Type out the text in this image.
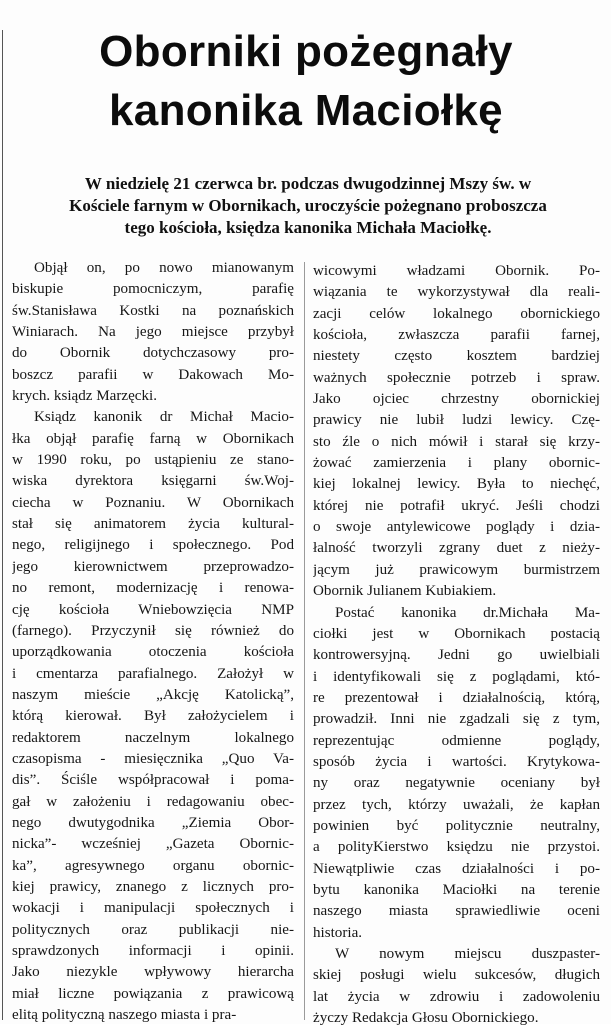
Oborniki pożegnały
kanonika Maciołkę
W niedzielę 21 czerwca br. podczas dwugodzinnej Mszy św. w
Kościele farnym w Obornikach, uroczyście pożegnano proboszcza
tego kościoła, księdza kanonika Michała Maciołkę.
Objął on, po nowo mianowanym
biskupie pomocniczym, parafię
św.Stanisława Kostki na poznańskich
Winiarach. Na jego miejsce przybył
do Obornik dotychczasowy pro-
boszcz parafii w Dakowach Mo-
krych. ksiądz Marzęcki.
Ksiądz kanonik dr Michał Macio-
łka objął parafię farną w Obornikach
w 1990 roku, po ustąpieniu ze stano-
wiska dyrektora księgarni św.Woj-
ciecha w Poznaniu. W Obornikach
stał się animatorem życia kultural-
nego, religijnego i społecznego. Pod
jego kierownictwem przeprowadzo-
no remont, modernizację i renowa-
cję kościoła Wniebowzięcia NMP
(farnego). Przyczynił się również do
uporządkowania otoczenia kościoła
i cmentarza parafialnego. Założył w
naszym mieście „Akcję Katolicką”,
którą kierował. Był założycielem i
redaktorem naczelnym lokalnego
czasopisma - miesięcznika „Quo Va-
dis”. Ściśle współpracował i poma-
gał w założeniu i redagowaniu obec-
nego dwutygodnika „Ziemia Obor-
nicka”- wcześniej „Gazeta Obornic-
ka”, agresywnego organu obornic-
kiej prawicy, znanego z licznych pro-
wokacji i manipulacji społecznych i
politycznych oraz publikacji nie-
sprawdzonych informacji i opinii.
Jako niezykle wpływowy hierarcha
miał liczne powiązania z prawicową
elitą polityczną naszego miasta i pra-
wicowymi władzami Obornik. Po-
wiązania te wykorzystywał dla reali-
zacji celów lokalnego obornickiego
kościoła, zwłaszcza parafii farnej,
niestety często kosztem bardziej
ważnych społecznie potrzeb i spraw.
Jako ojciec chrzestny obornickiej
prawicy nie lubił ludzi lewicy. Czę-
sto źle o nich mówił i starał się krzy-
żować zamierzenia i plany obornic-
kiej lokalnej lewicy. Była to niechęć,
której nie potrafił ukryć. Jeśli chodzi
o swoje antylewicowe poglądy i dzia-
łalność tworzyli zgrany duet z nieży-
jącym już prawicowym burmistrzem
Obornik Julianem Kubiakiem.
Postać kanonika dr.Michała Ma-
ciołki jest w Obornikach postacią
kontrowersyjną. Jedni go uwielbiali
i identyfikowali się z poglądami, któ-
re prezentował i działalnością, którą,
prowadził. Inni nie zgadzali się z tym,
reprezentując odmienne poglądy,
sposób życia i wartości. Krytykowa-
ny oraz negatywnie oceniany był
przez tych, którzy uważali, że kapłan
powinien być politycznie neutralny,
a polityKierstwo księdzu nie przystoi.
Niewątpliwie czas działalności i po-
bytu kanonika Maciołki na terenie
naszego miasta sprawiedliwie oceni
historia.
W nowym miejscu duszpaster-
skiej posługi wielu sukcesów, długich
lat życia w zdrowiu i zadowoleniu
życzy Redakcja Głosu Obornickiego.
